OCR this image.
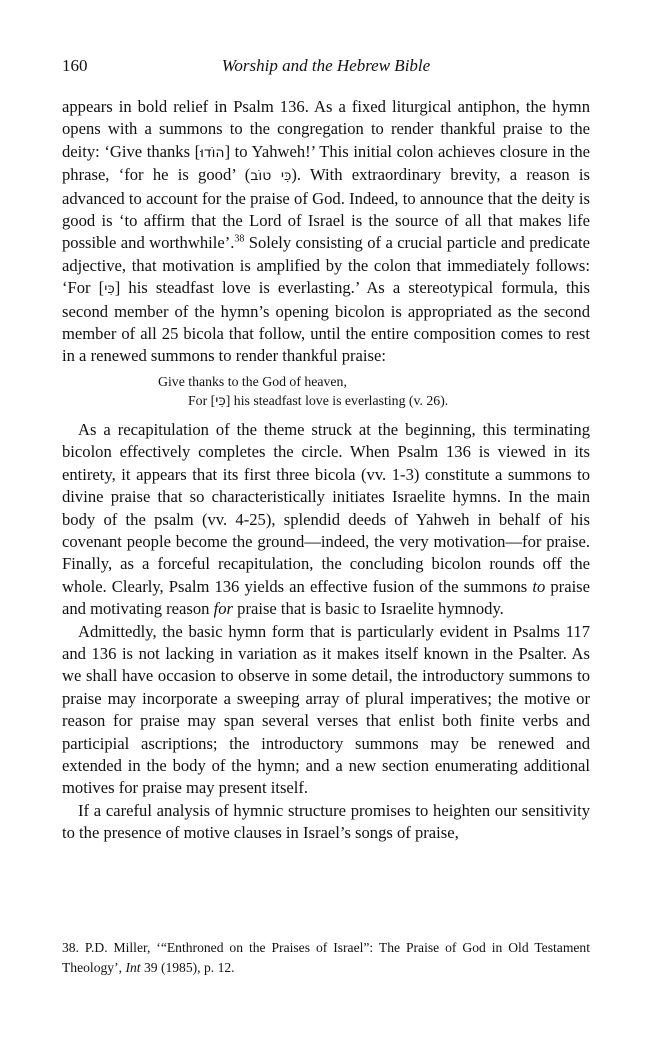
160	Worship and the Hebrew Bible

appears in bold relief in Psalm 136. As a fixed liturgical antiphon, the hymn opens with a summons to the congregation to render thankful praise to the deity: ‘Give thanks [הוֹדוּ] to Yahweh!’ This initial colon achieves closure in the phrase, ‘for he is good’ (כִּי טוֹב). With extraordinary brevity, a reason is advanced to account for the praise of God. Indeed, to announce that the deity is good is ‘to affirm that the Lord of Israel is the source of all that makes life possible and worthwhile’.$^{38}$ Solely consisting of a crucial particle and predicate adjective, that motivation is amplified by the colon that immediately follows: ‘For [כִּי] his steadfast love is everlasting.’ As a stereotypical formula, this second member of the hymn’s opening bicolon is appropriated as the second member of all 25 bicola that follow, until the entire composition comes to rest in a renewed summons to render thankful praise:

Give thanks to the God of heaven,
For [כִּי] his steadfast love is everlasting (v. 26).

As a recapitulation of the theme struck at the beginning, this terminating bicolon effectively completes the circle. When Psalm 136 is viewed in its entirety, it appears that its first three bicola (vv. 1-3) constitute a summons to divine praise that so characteristically initiates Israelite hymns. In the main body of the psalm (vv. 4-25), splendid deeds of Yahweh in behalf of his covenant people become the ground—indeed, the very motivation—for praise. Finally, as a forceful recapitulation, the concluding bicolon rounds off the whole. Clearly, Psalm 136 yields an effective fusion of the summons to praise and motivating reason for praise that is basic to Israelite hymnody.

Admittedly, the basic hymn form that is particularly evident in Psalms 117 and 136 is not lacking in variation as it makes itself known in the Psalter. As we shall have occasion to observe in some detail, the introductory summons to praise may incorporate a sweeping array of plural imperatives; the motive or reason for praise may span several verses that enlist both finite verbs and participial ascriptions; the introductory summons may be renewed and extended in the body of the hymn; and a new section enumerating additional motives for praise may present itself.

If a careful analysis of hymnic structure promises to heighten our sensitivity to the presence of motive clauses in Israel’s songs of praise,

38. P.D. Miller, ‘“Enthroned on the Praises of Israel”: The Praise of God in Old Testament Theology’, Int 39 (1985), p. 12.
